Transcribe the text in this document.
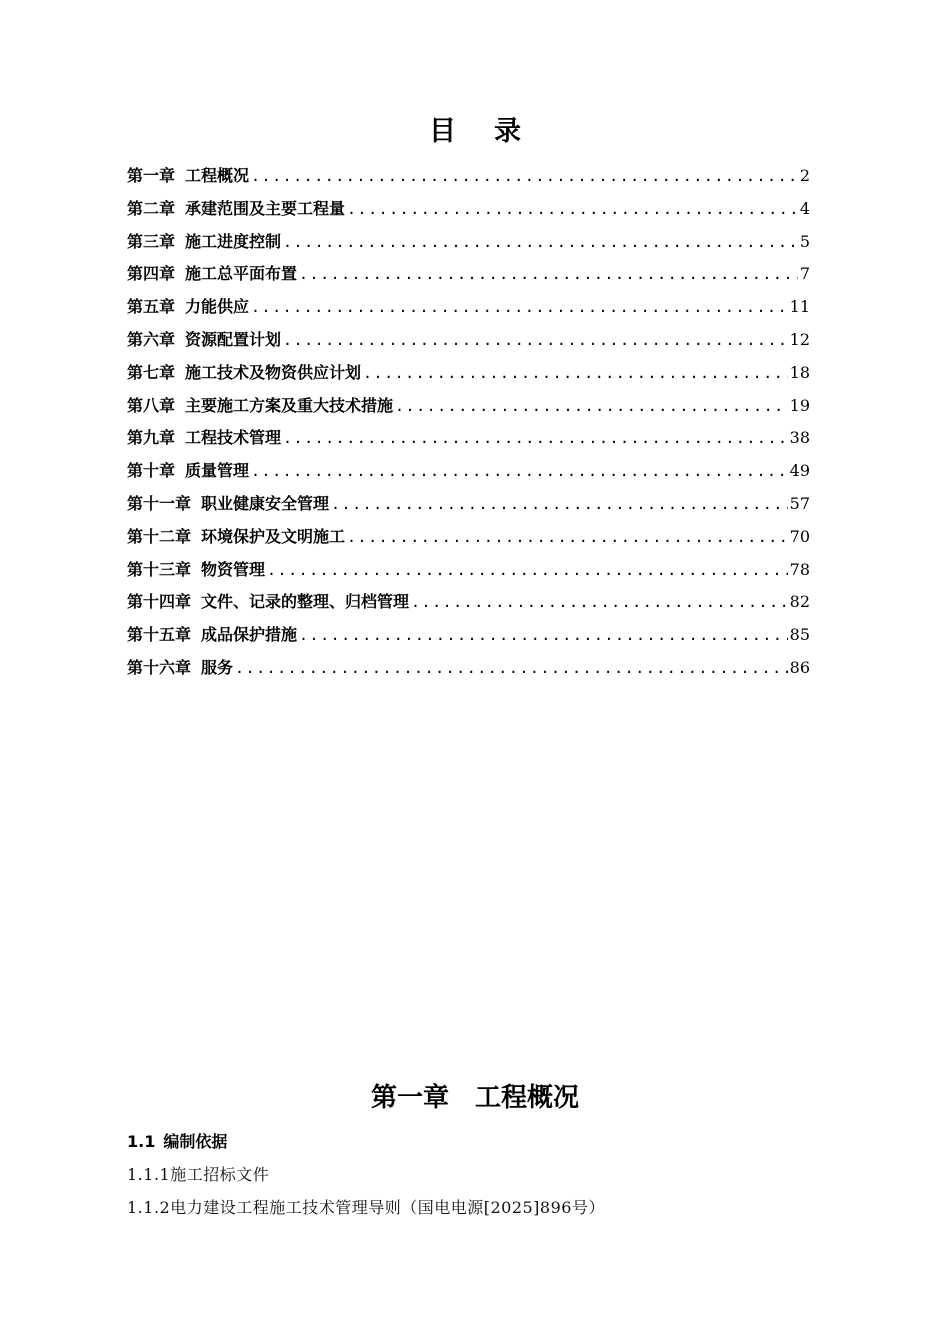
目录
第一章 工程概况 .....	2
第二章 承建范围及主要工程量 .....	4
第三章 施工进度控制 .....	5
第四章 施工总平面布置 .....	7
第五章 力能供应 .....	11
第六章 资源配置计划 .....	12
第七章 施工技术及物资供应计划 .....	18
第八章 主要施工方案及重大技术措施 .....	19
第九章 工程技术管理 .....	38
第十章 质量管理 .....	49
第十一章 职业健康安全管理 .....	57
第十二章 环境保护及文明施工 .....	70
第十三章 物资管理 .....	78
第十四章 文件、记录的整理、归档管理 .....	82
第十五章 成品保护措施 .....	85
第十六章 服务 .....	86
第一章 工程概况
1.1 编制依据
1.1.1施工招标文件
1.1.2电力建设工程施工技术管理导则（国电电源[2025]896号）
